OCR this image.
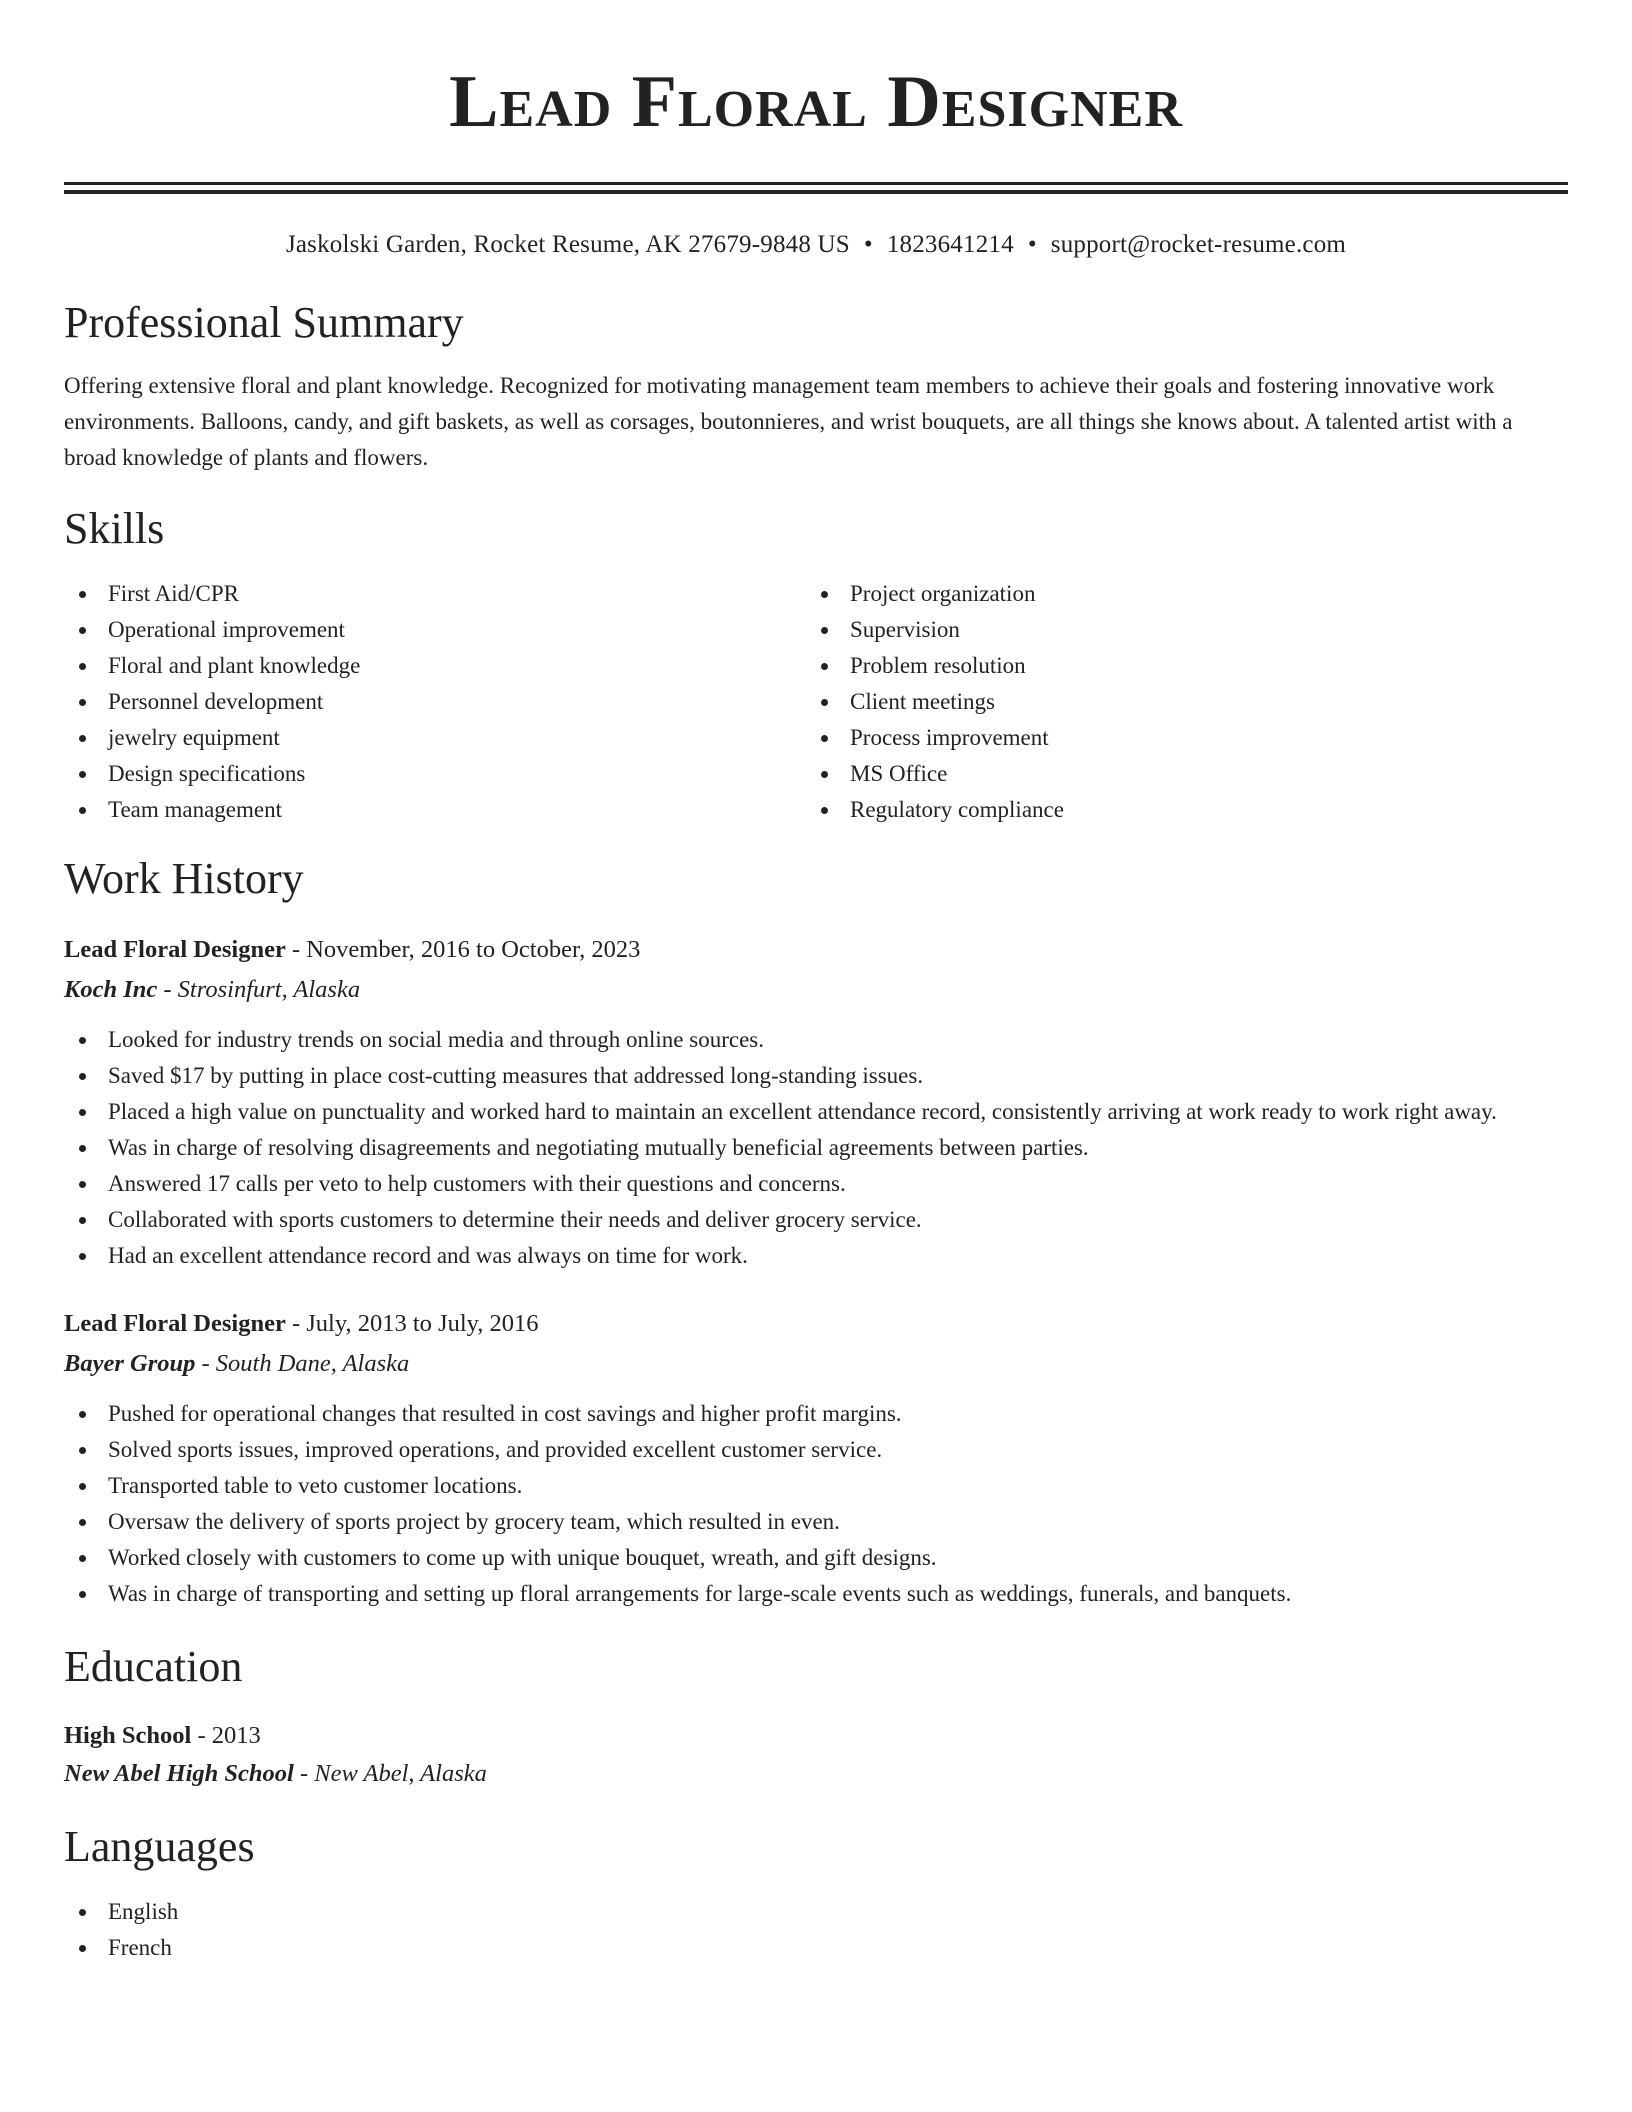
Lead Floral Designer
Jaskolski Garden, Rocket Resume, AK 27679-9848 US • 1823641214 • support@rocket-resume.com
Professional Summary

Offering extensive floral and plant knowledge. Recognized for motivating management team members to achieve their goals and fostering innovative work environments. Balloons, candy, and gift baskets, as well as corsages, boutonnieres, and wrist bouquets, are all things she knows about. A talented artist with a broad knowledge of plants and flowers.

Skills
First Aid/CPR
Operational improvement
Floral and plant knowledge
Personnel development
jewelry equipment
Design specifications
Team management
Project organization
Supervision
Problem resolution
Client meetings
Process improvement
MS Office
Regulatory compliance
Work History
Lead Floral Designer - November, 2016 to October, 2023
Koch Inc - Strosinfurt, Alaska
Looked for industry trends on social media and through online sources.
Saved $17 by putting in place cost-cutting measures that addressed long-standing issues.
Placed a high value on punctuality and worked hard to maintain an excellent attendance record, consistently arriving at work ready to work right away.
Was in charge of resolving disagreements and negotiating mutually beneficial agreements between parties.
Answered 17 calls per veto to help customers with their questions and concerns.
Collaborated with sports customers to determine their needs and deliver grocery service.
Had an excellent attendance record and was always on time for work.
Lead Floral Designer - July, 2013 to July, 2016
Bayer Group - South Dane, Alaska
Pushed for operational changes that resulted in cost savings and higher profit margins.
Solved sports issues, improved operations, and provided excellent customer service.
Transported table to veto customer locations.
Oversaw the delivery of sports project by grocery team, which resulted in even.
Worked closely with customers to come up with unique bouquet, wreath, and gift designs.
Was in charge of transporting and setting up floral arrangements for large-scale events such as weddings, funerals, and banquets.
Education
High School - 2013
New Abel High School - New Abel, Alaska
Languages
English
French
